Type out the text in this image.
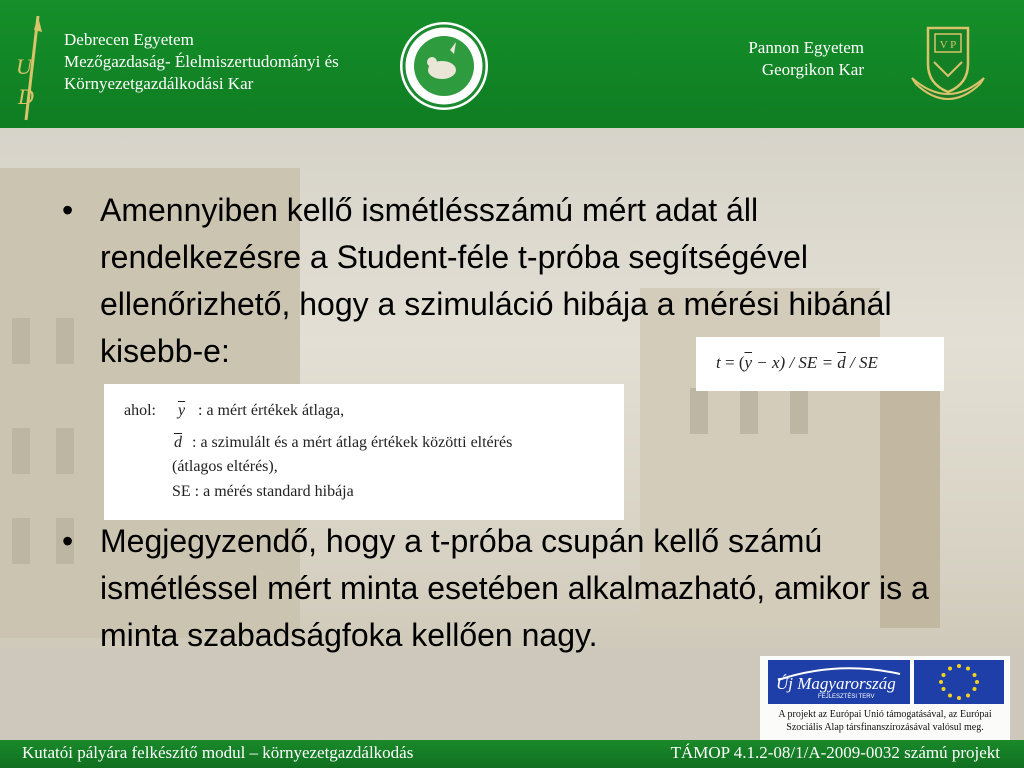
U
D
Debrecen Egyetem
Mezőgazdaság- Élelmiszertudományi és
Környezetgazdálkodási Kar
Pannon Egyetem
Georgikon Kar
V P
• Amennyiben kellő ismétlésszámú mért adat áll rendelkezésre a Student-féle t-próba segítségével ellenőrizhető, hogy a szimuláció hibája a mérési hibánál kisebb-e:	$t = (\overline{y} - x)$ / SE = $\overline{d}$ / SE
ahol: $\overline{y}$ : a mért értékek átlaga,
$\overline{d}$ : a szimulált és a mért átlag értékek közötti eltérés
(átlagos eltérés),
SE : a mérés standard hibája
• Megjegyzendő, hogy a t-próba csupán kellő számú ismétléssel mért minta esetében alkalmazható, amikor is a minta szabadságfoka kellően nagy.
Új Magyarország
FEJLESZTÉSI TERV
A projekt az Európai Unió támogatásával, az Európai
Szociális Alap társfinanszírozásával valósul meg.
Kutatói pályára felkészítő modul – környezetgazdálkodás	TÁMOP 4.1.2-08/1/A-2009-0032 számú projekt
